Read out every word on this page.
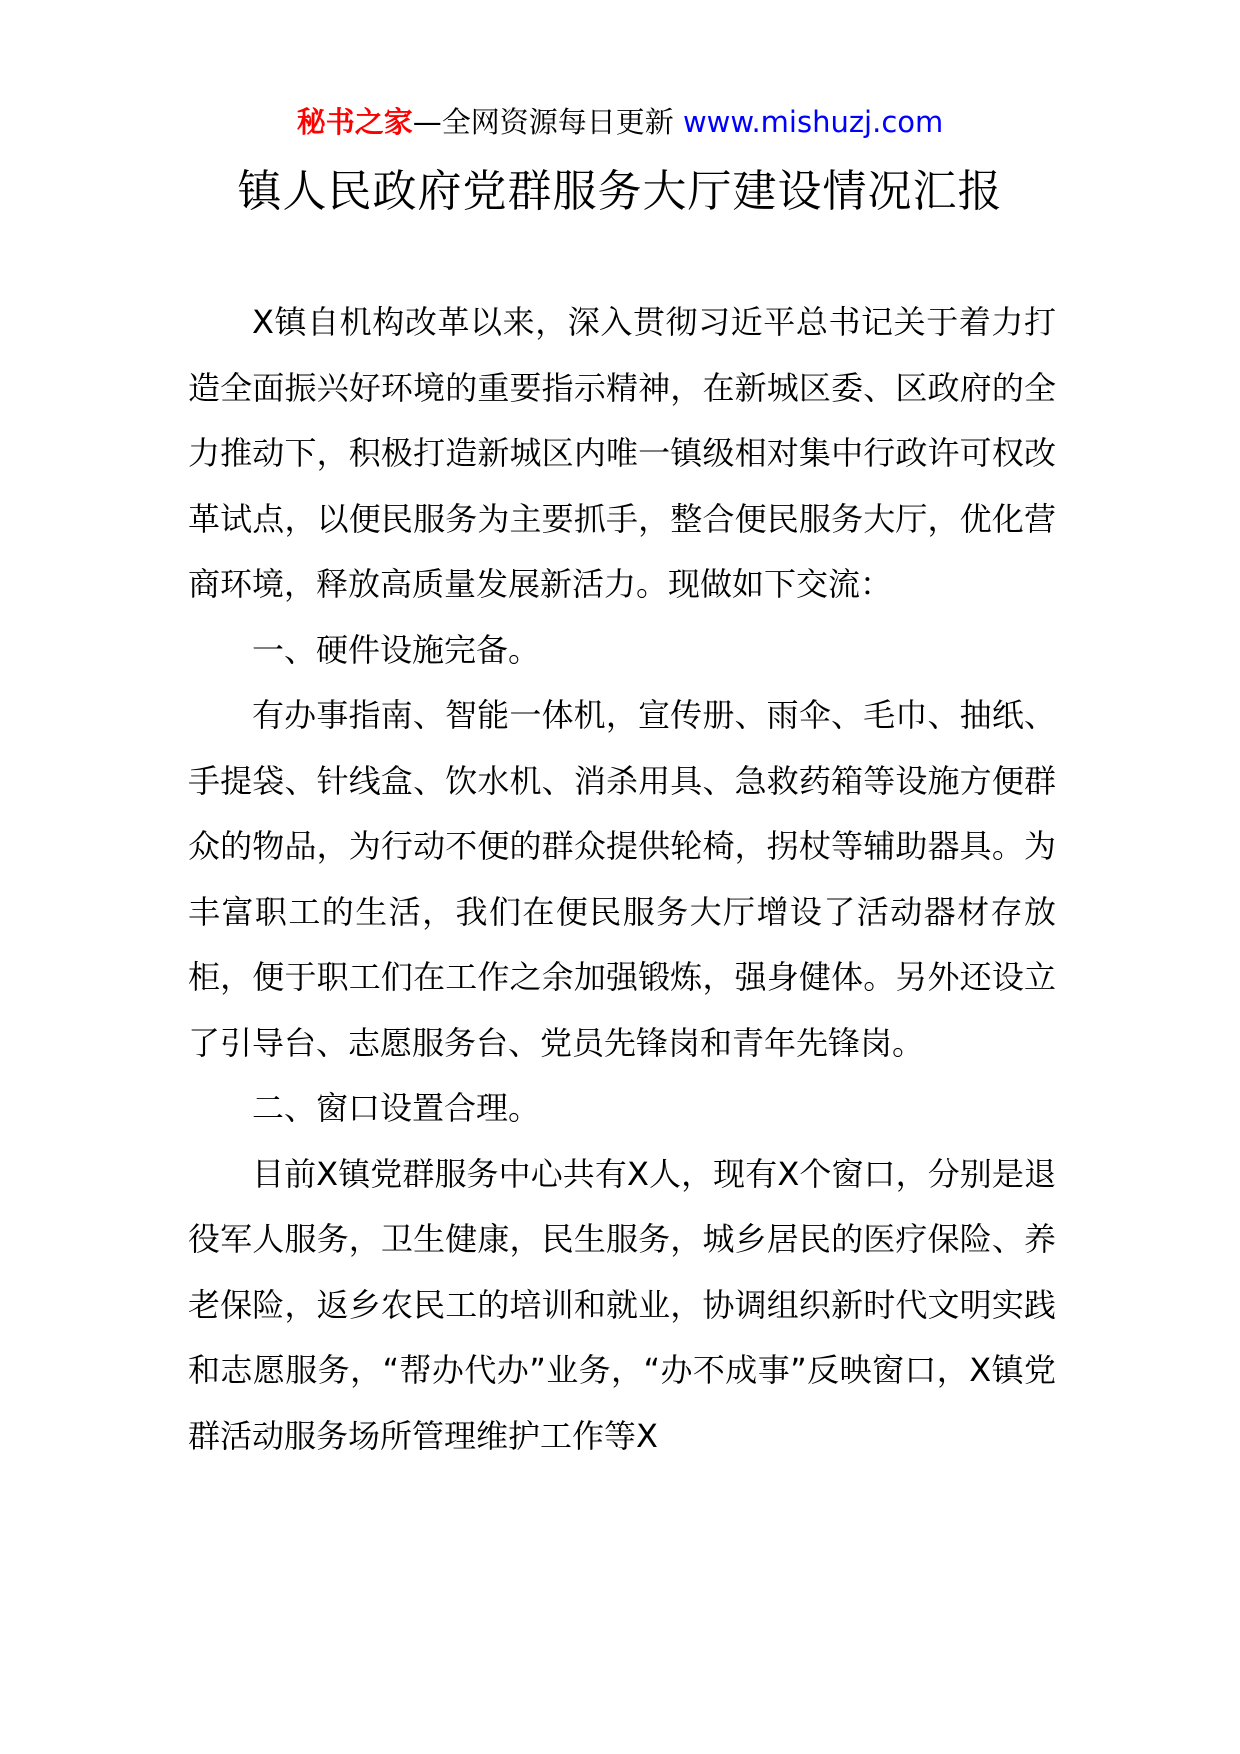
秘书之家—全网资源每日更新 www.mishuzj.com
镇人民政府党群服务大厅建设情况汇报

X镇自机构改革以来，深入贯彻习近平总书记关于着力打造全面振兴好环境的重要指示精神，在新城区委、区政府的全力推动下，积极打造新城区内唯一镇级相对集中行政许可权改革试点，以便民服务为主要抓手，整合便民服务大厅，优化营商环境，释放高质量发展新活力。现做如下交流：

一、硬件设施完备。

有办事指南、智能一体机，宣传册、雨伞、毛巾、抽纸、手提袋、针线盒、饮水机、消杀用具、急救药箱等设施方便群众的物品，为行动不便的群众提供轮椅，拐杖等辅助器具。为丰富职工的生活，我们在便民服务大厅增设了活动器材存放柜，便于职工们在工作之余加强锻炼，强身健体。另外还设立了引导台、志愿服务台、党员先锋岗和青年先锋岗。

二、窗口设置合理。

目前X镇党群服务中心共有X人，现有X个窗口，分别是退役军人服务，卫生健康，民生服务，城乡居民的医疗保险、养老保险，返乡农民工的培训和就业，协调组织新时代文明实践和志愿服务，“帮办代办”业务，“办不成事”反映窗口，X镇党群活动服务场所管理维护工作等X
